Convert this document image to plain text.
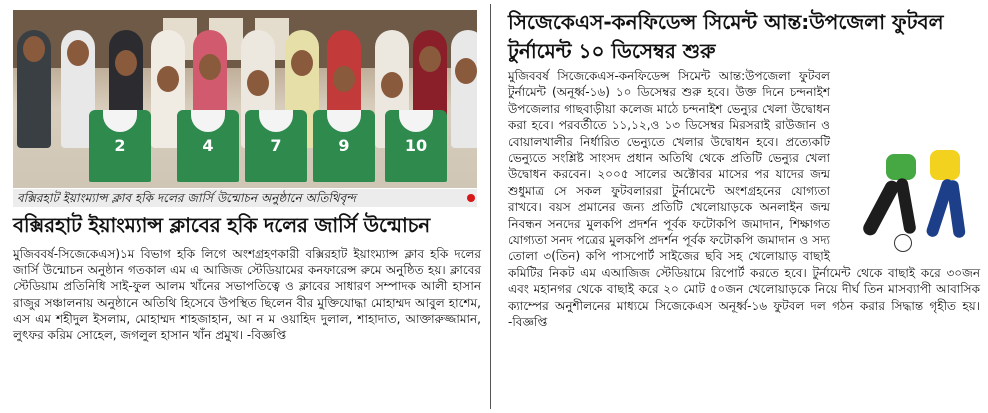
2	4	7	9	10
বক্সিরহাট ইয়াংম্যান্স ক্লাব হকি দলের জার্সি উন্মোচন অনুষ্ঠানে অতিথিবৃন্দ
বক্সিরহাট ইয়াংম্যান্স ক্লাবের হকি দলের জার্সি উন্মোচন
মুজিববর্ষ-সিজেকেএস)১ম বিভাগ হকি লিগে অংশগ্রহণকারী বক্সিরহাট ইয়াংম্যান্স ক্লাব হকি দলের জার্সি উন্মোচন অনুষ্ঠান গতকাল এম এ আজিজ স্টেডিয়ামের কনফারেন্স রুমে অনুষ্ঠিত হয়। ক্লাবের স্টেডিয়াম প্রতিনিধি সাই-ফুল আলম খাঁনের সভাপতিত্বে ও ক্লাবের সাধারণ সম্পাদক আলী হাসান রাজুর সঞ্চালনায় অনুষ্ঠানে অতিথি হিসেবে উপস্থিত ছিলেন বীর মুক্তিযোদ্ধা মোহাম্মদ আবুল হাশেম, এস এম শহীদুল ইসলাম, মোহাম্মদ শাহজাহান, আ ন ম ওয়াহিদ দুলাল, শাহাদাত, আক্তারুজ্জামান, লুৎফর করিম সোহেল, জগলুল হাসান খাঁন প্রমুখ। -বিজ্ঞপ্তি
সিজেকেএস-কনফিডেন্স সিমেন্ট আন্ত:উপজেলা ফুটবল টুর্নামেন্ট ১০ ডিসেম্বর শুরু
মুজিববর্ষ সিজেকেএস-কনফিডেন্স সিমেন্ট আন্ত:উপজেলা ফুটবল টুর্নামেন্ট (অনূর্ধ্ব-১৬) ১০ ডিসেম্বর শুরু হবে। উক্ত দিনে চন্দনাইশ উপজেলার গাছবাড়ীয়া কলেজ মাঠে চন্দনাইশ ভেন্যুর খেলা উদ্বোধন করা হবে। পরবর্তীতে ১১,১২,ও ১৩ ডিসেম্বর মিরসরাই রাউজান ও বোয়ালখালীর নির্ধারিত ভেন্যুতে খেলার উদ্বোধন হবে। প্রত্যেকটি ভেন্যুতে সংশ্লিষ্ট সাংসদ প্রধান অতিথি থেকে প্রতিটি ভেন্যুর খেলা উদ্বোধন করবেন। ২০০৫ সালের অক্টোবর মাসের পর যাদের জন্ম শুধুমাত্র সে সকল ফুটবলাররা টুর্নামেন্টে অংশগ্রহনের যোগ্যতা রাখবে। বয়স প্রমানের জন্য প্রতিটি খেলোয়াড়কে অনলাইন জন্ম নিবন্ধন সনদের মুলকপি প্রদর্শন পূর্বক ফটোকপি জমাদান, শিক্ষাগত যোগ্যতা সনদ পত্রের মুলকপি প্রদর্শন পূর্বক ফটোকপি জমাদান ও সদ্য তোলা ৩(তিন) কপি পাসপোর্ট সাইজের ছবি সহ খেলোয়াড় বাছাই কমিটির নিকট এম এআজিজ স্টেডিয়ামে রিপোর্ট করতে হবে। টুর্নামেন্ট থেকে বাছাই করে ৩০জন এবং মহানগর থেকে বাছাই করে ২০ মোট ৫০জন খেলোয়াড়কে নিয়ে দীর্ঘ তিন মাসব্যাপী আবাসিক ক্যাম্পের অনুশীলনের মাধ্যমে সিজেকেএস অনূর্ধ্ব-১৬ ফুটবল দল গঠন করার সিদ্ধান্ত গৃহীত হয়। -বিজ্ঞপ্তি
